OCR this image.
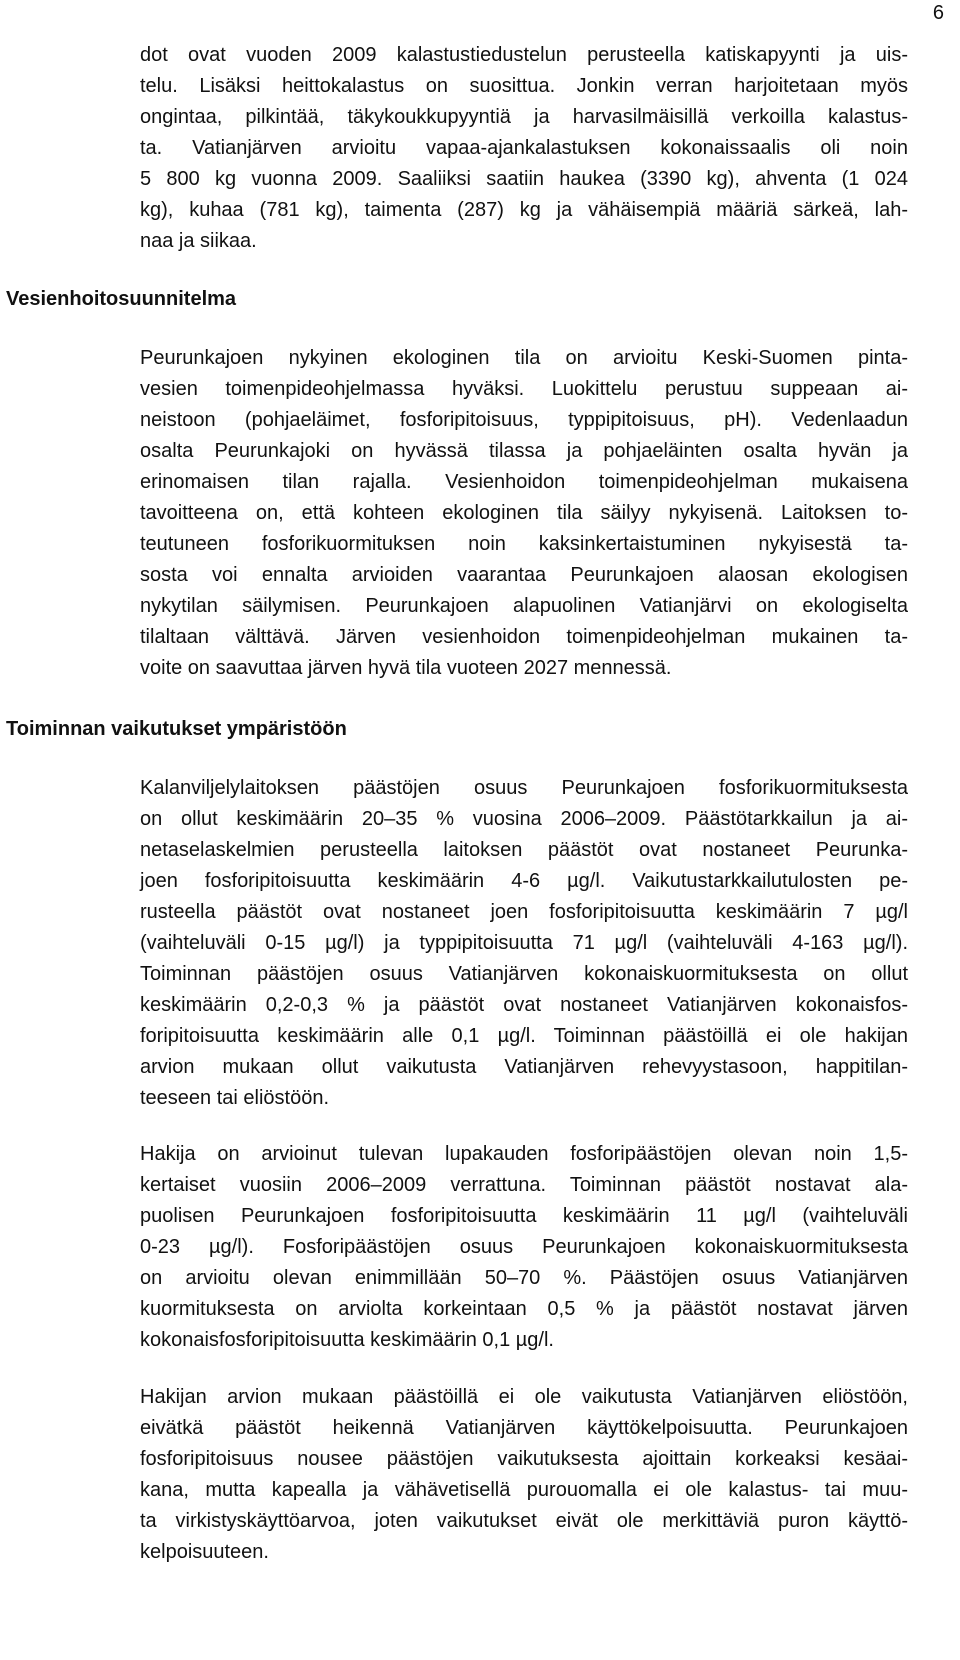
6

dot ovat vuoden 2009 kalastustiedustelun perusteella katiskapyynti ja uis-
telu. Lisäksi heittokalastus on suosittua. Jonkin verran harjoitetaan myös
ongintaa, pilkintää, täkykoukkupyyntiä ja harvasilmäisillä verkoilla kalastus-
ta. Vatianjärven arvioitu vapaa-ajankalastuksen kokonaissaalis oli noin
5 800 kg vuonna 2009. Saaliiksi saatiin haukea (3390 kg), ahventa (1 024
kg), kuhaa (781 kg), taimenta (287) kg ja vähäisempiä määriä särkeä, lah-
naa ja siikaa.

Vesienhoitosuunnitelma

Peurunkajoen nykyinen ekologinen tila on arvioitu Keski-Suomen pinta-
vesien toimenpideohjelmassa hyväksi. Luokittelu perustuu suppeaan ai-
neistoon (pohjaeläimet, fosforipitoisuus, typpipitoisuus, pH). Vedenlaadun
osalta Peurunkajoki on hyvässä tilassa ja pohjaeläinten osalta hyvän ja
erinomaisen tilan rajalla. Vesienhoidon toimenpideohjelman mukaisena
tavoitteena on, että kohteen ekologinen tila säilyy nykyisenä. Laitoksen to-
teutuneen fosforikuormituksen noin kaksinkertaistuminen nykyisestä ta-
sosta voi ennalta arvioiden vaarantaa Peurunkajoen alaosan ekologisen
nykytilan säilymisen. Peurunkajoen alapuolinen Vatianjärvi on ekologiselta
tilaltaan välttävä. Järven vesienhoidon toimenpideohjelman mukainen ta-
voite on saavuttaa järven hyvä tila vuoteen 2027 mennessä.

Toiminnan vaikutukset ympäristöön

Kalanviljelylaitoksen päästöjen osuus Peurunkajoen fosforikuormituksesta
on ollut keskimäärin 20–35 % vuosina 2006–2009. Päästötarkkailun ja ai-
netaselaskelmien perusteella laitoksen päästöt ovat nostaneet Peurunka-
joen fosforipitoisuutta keskimäärin 4-6 µg/l. Vaikutustarkkailutulosten pe-
rusteella päästöt ovat nostaneet joen fosforipitoisuutta keskimäärin 7 µg/l
(vaihteluväli 0-15 µg/l) ja typpipitoisuutta 71 µg/l (vaihteluväli 4-163 µg/l).
Toiminnan päästöjen osuus Vatianjärven kokonaiskuormituksesta on ollut
keskimäärin 0,2-0,3 % ja päästöt ovat nostaneet Vatianjärven kokonaisfos-
foripitoisuutta keskimäärin alle 0,1 µg/l. Toiminnan päästöillä ei ole hakijan
arvion mukaan ollut vaikutusta Vatianjärven rehevyystasoon, happitilan-
teeseen tai eliöstöön.

Hakija on arvioinut tulevan lupakauden fosforipäästöjen olevan noin 1,5-
kertaiset vuosiin 2006–2009 verrattuna. Toiminnan päästöt nostavat ala-
puolisen Peurunkajoen fosforipitoisuutta keskimäärin 11 µg/l (vaihteluväli
0-23 µg/l). Fosforipäästöjen osuus Peurunkajoen kokonaiskuormituksesta
on arvioitu olevan enimmillään 50–70 %. Päästöjen osuus Vatianjärven
kuormituksesta on arviolta korkeintaan 0,5 % ja päästöt nostavat järven
kokonaisfosforipitoisuutta keskimäärin 0,1 µg/l.

Hakijan arvion mukaan päästöillä ei ole vaikutusta Vatianjärven eliöstöön,
eivätkä päästöt heikennä Vatianjärven käyttökelpoisuutta. Peurunkajoen
fosforipitoisuus nousee päästöjen vaikutuksesta ajoittain korkeaksi kesäai-
kana, mutta kapealla ja vähävetisellä purouomalla ei ole kalastus- tai muu-
ta virkistyskäyttöarvoa, joten vaikutukset eivät ole merkittäviä puron käyttö-
kelpoisuuteen.
